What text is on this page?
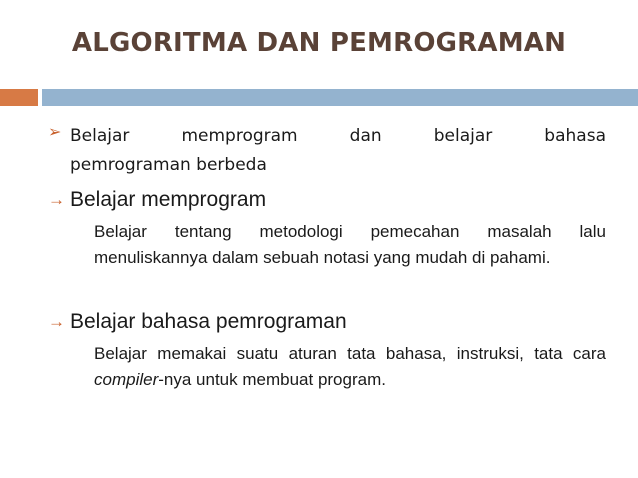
ALGORITMA DAN PEMROGRAMAN
➢ Belajar memprogram dan belajar bahasa
pemrograman berbeda
→ Belajar memprogram
Belajar tentang metodologi pemecahan masalah lalu menuliskannya dalam sebuah notasi yang mudah di pahami.
→ Belajar bahasa pemrograman
Belajar memakai suatu aturan tata bahasa, instruksi, tata cara compiler-nya untuk membuat program.
